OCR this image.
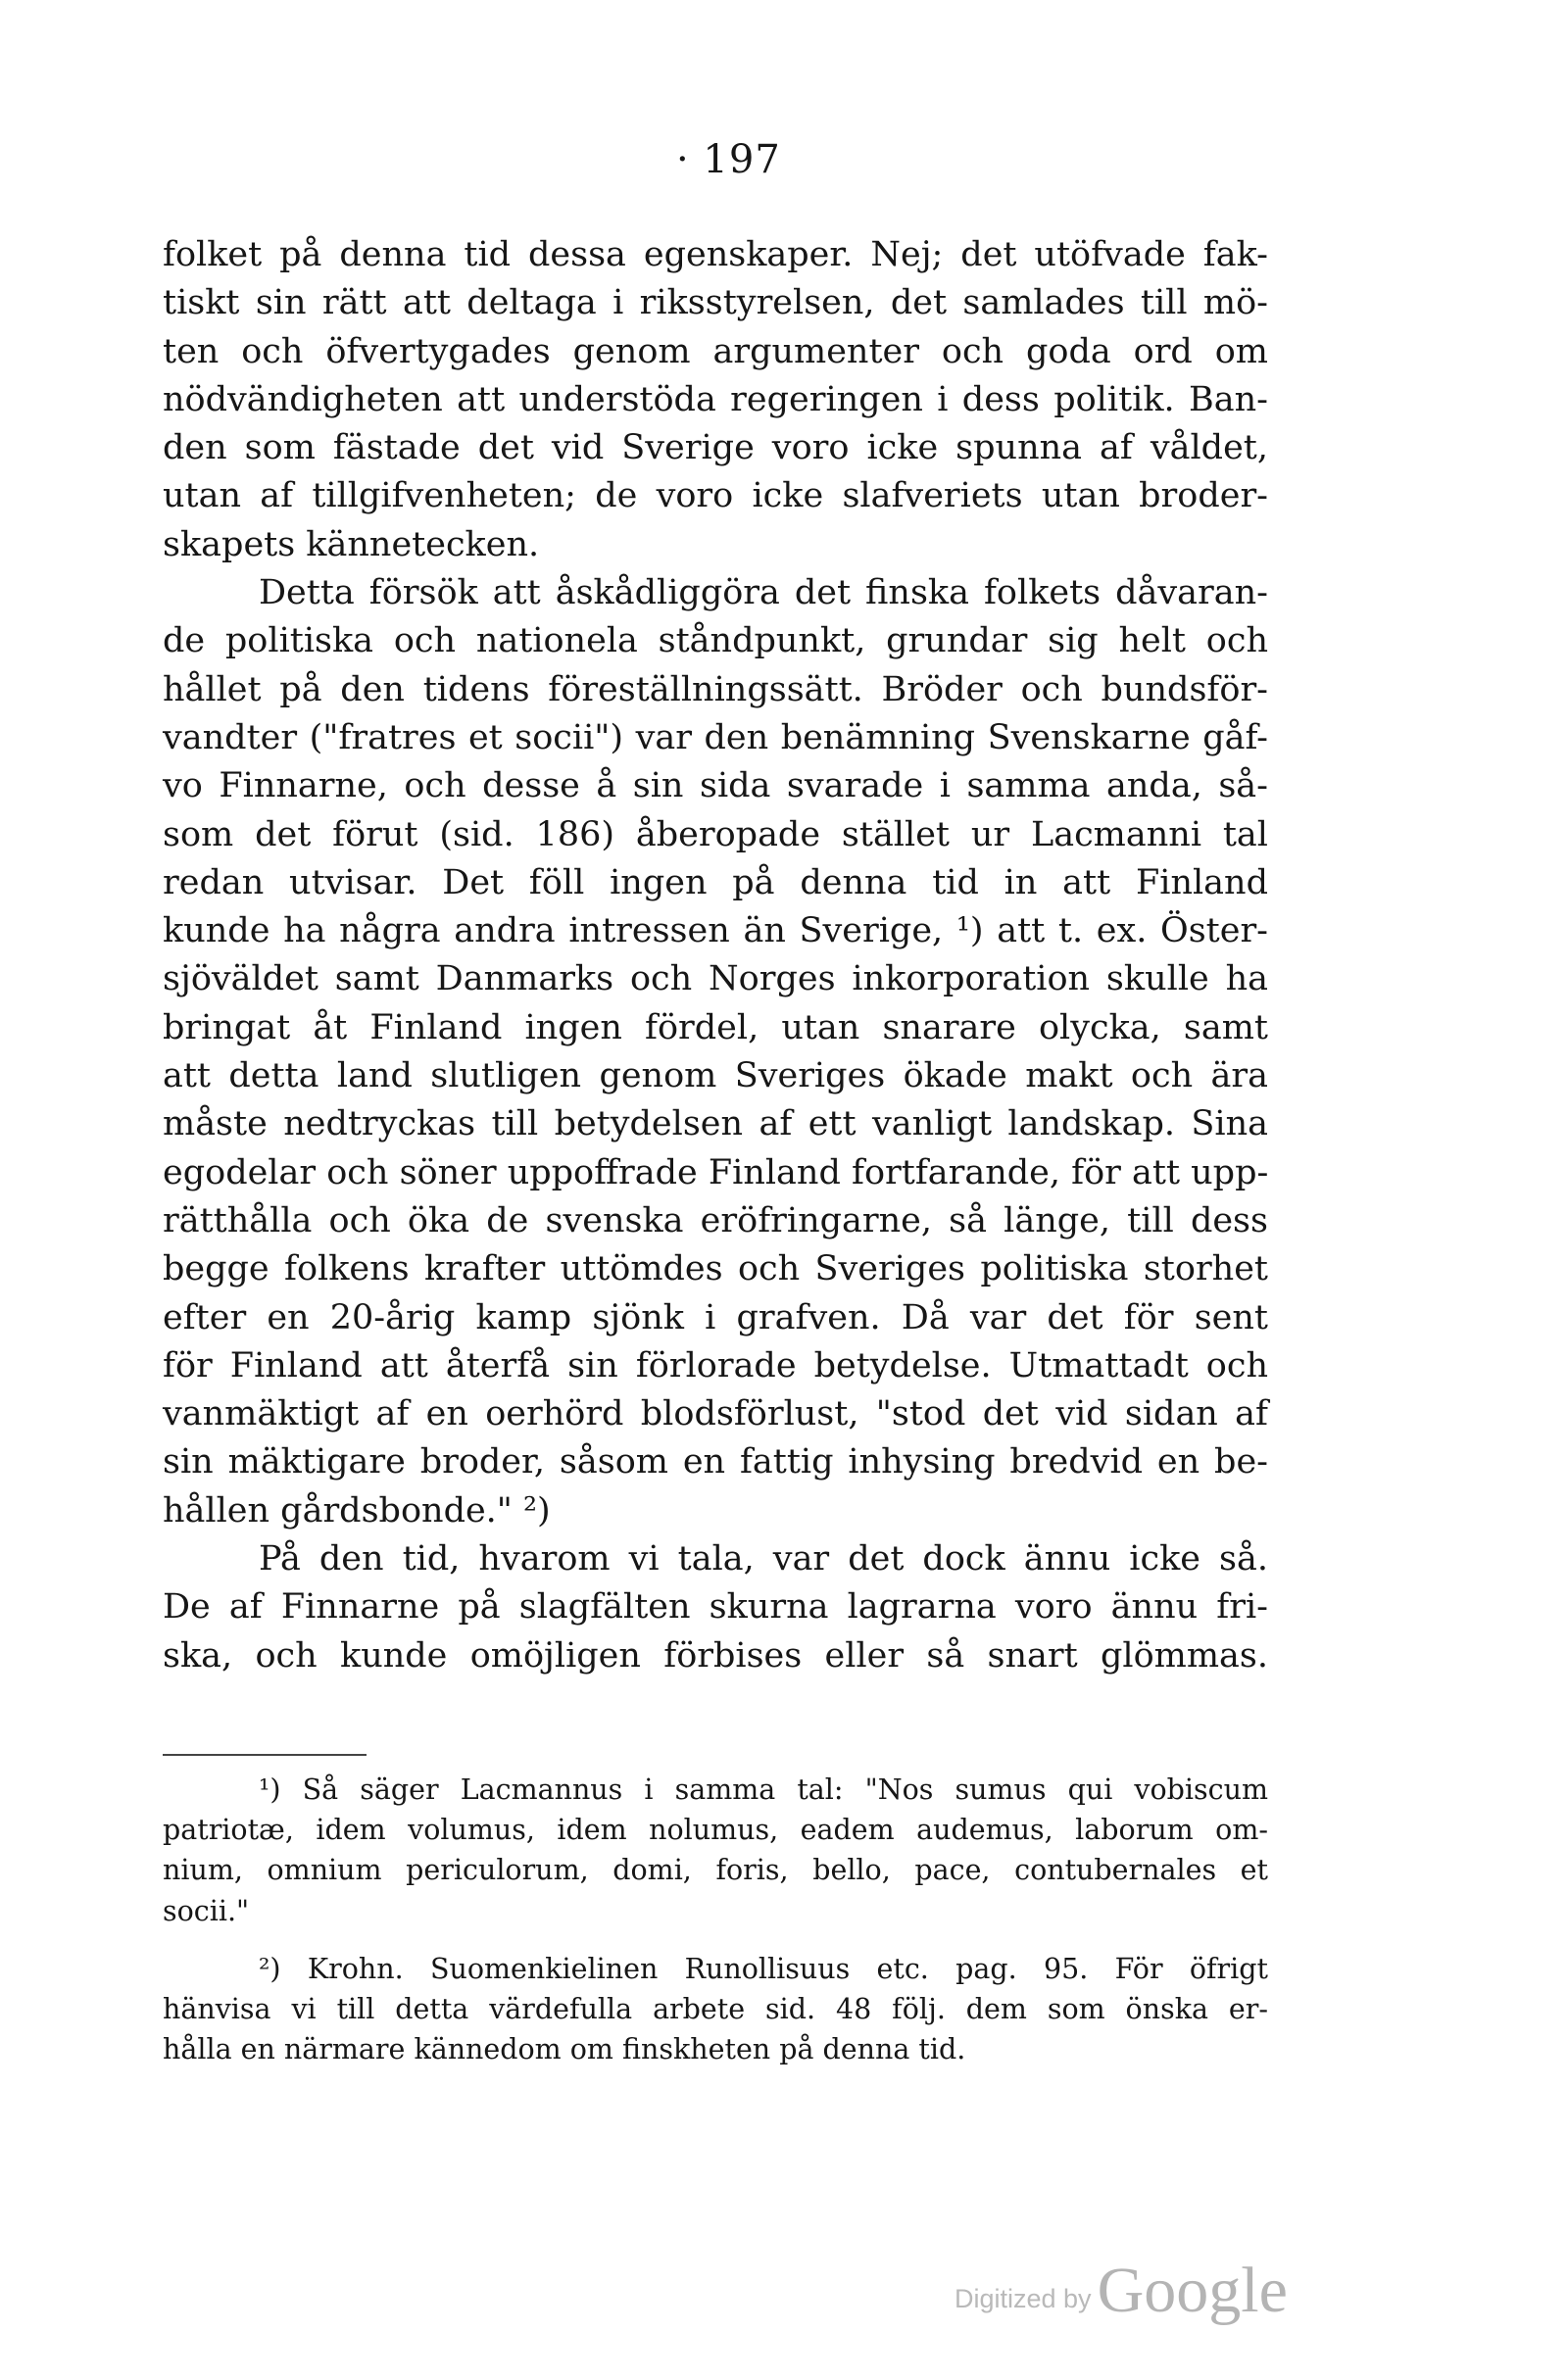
· 197
folket på denna tid dessa egenskaper. Nej; det utöfvade fak-
tiskt sin rätt att deltaga i riksstyrelsen, det samlades till mö-
ten och öfvertygades genom argumenter och goda ord om
nödvändigheten att understöda regeringen i dess politik. Ban-
den som fästade det vid Sverige voro icke spunna af våldet,
utan af tillgifvenheten; de voro icke slafveriets utan broder-
skapets kännetecken.
Detta försök att åskådliggöra det finska folkets dåvaran-
de politiska och nationela ståndpunkt, grundar sig helt och
hållet på den tidens föreställningssätt. Bröder och bundsför-
vandter ("fratres et socii") var den benämning Svenskarne gåf-
vo Finnarne, och desse å sin sida svarade i samma anda, så-
som det förut (sid. 186) åberopade stället ur Lacmanni tal
redan utvisar. Det föll ingen på denna tid in att Finland
kunde ha några andra intressen än Sverige, ¹) att t. ex. Öster-
sjöväldet samt Danmarks och Norges inkorporation skulle ha
bringat åt Finland ingen fördel, utan snarare olycka, samt
att detta land slutligen genom Sveriges ökade makt och ära
måste nedtryckas till betydelsen af ett vanligt landskap. Sina
egodelar och söner uppoffrade Finland fortfarande, för att upp-
rätthålla och öka de svenska eröfringarne, så länge, till dess
begge folkens krafter uttömdes och Sveriges politiska storhet
efter en 20-årig kamp sjönk i grafven. Då var det för sent
för Finland att återfå sin förlorade betydelse. Utmattadt och
vanmäktigt af en oerhörd blodsförlust, "stod det vid sidan af
sin mäktigare broder, såsom en fattig inhysing bredvid en be-
hållen gårdsbonde." ²)
På den tid, hvarom vi tala, var det dock ännu icke så.
De af Finnarne på slagfälten skurna lagrarna voro ännu fri-
ska, och kunde omöjligen förbises eller så snart glömmas.
¹) Så säger Lacmannus i samma tal: "Nos sumus qui vobiscum
patriotæ, idem volumus, idem nolumus, eadem audemus, laborum om-
nium, omnium periculorum, domi, foris, bello, pace, contubernales et
socii."
²) Krohn. Suomenkielinen Runollisuus etc. pag. 95. För öfrigt
hänvisa vi till detta värdefulla arbete sid. 48 följ. dem som önska er-
hålla en närmare kännedom om finskheten på denna tid.
Digitized byGoogle
